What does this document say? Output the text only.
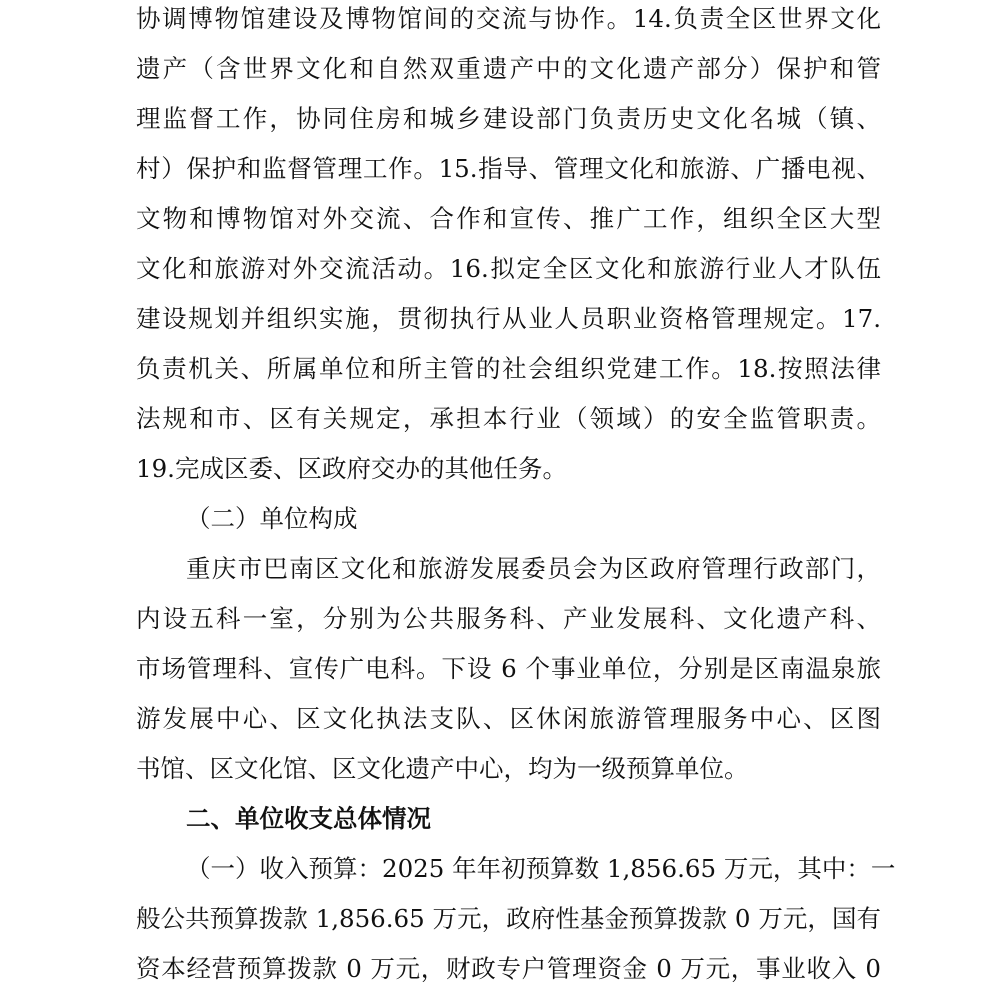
协调博物馆建设及博物馆间的交流与协作。14.负责全区世界文化
遗产（含世界文化和自然双重遗产中的文化遗产部分）保护和管
理监督工作，协同住房和城乡建设部门负责历史文化名城（镇、
村）保护和监督管理工作。15.指导、管理文化和旅游、广播电视、
文物和博物馆对外交流、合作和宣传、推广工作，组织全区大型
文化和旅游对外交流活动。16.拟定全区文化和旅游行业人才队伍
建设规划并组织实施，贯彻执行从业人员职业资格管理规定。17.
负责机关、所属单位和所主管的社会组织党建工作。18.按照法律
法规和市、区有关规定，承担本行业（领域）的安全监管职责。
19.完成区委、区政府交办的其他任务。
（二）单位构成
重庆市巴南区文化和旅游发展委员会为区政府管理行政部门，
内设五科一室，分别为公共服务科、产业发展科、文化遗产科、
市场管理科、宣传广电科。下设 6 个事业单位，分别是区南温泉旅
游发展中心、区文化执法支队、区休闲旅游管理服务中心、区图
书馆、区文化馆、区文化遗产中心，均为一级预算单位。
二、单位收支总体情况
（一）收入预算：2025 年年初预算数 1,856.65 万元，其中：一
般公共预算拨款 1,856.65 万元，政府性基金预算拨款 0 万元，国有
资本经营预算拨款 0 万元，财政专户管理资金 0 万元，事业收入 0
